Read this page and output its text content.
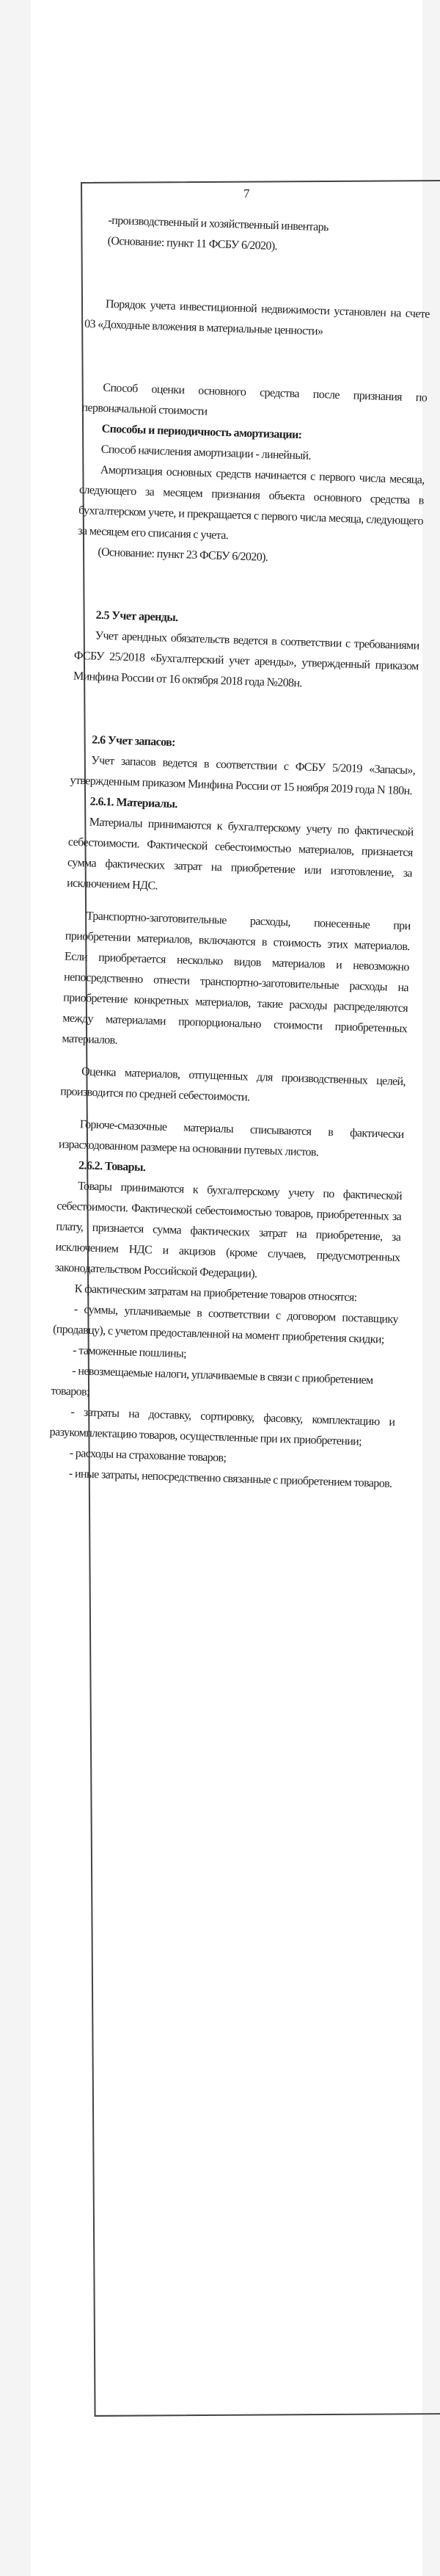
7

-производственный и хозяйственный инвентарь

(Основание: пункт 11 ФСБУ 6/2020).

Порядок учета инвестиционной недвижимости установлен на счете 03 «Доходные вложения в материальные ценности»

Способ оценки основного средства после признания по первоначальной стоимости

Способы и периодичность амортизации:

Способ начисления амортизации - линейный.

Амортизация основных средств начинается с первого числа месяца, следующего за месяцем признания объекта основного средства в бухгалтерском учете, и прекращается с первого числа месяца, следующего за месяцем его списания с учета.

(Основание: пункт 23 ФСБУ 6/2020).

2.5 Учет аренды.

Учет арендных обязательств ведется в соответствии с требованиями ФСБУ 25/2018 «Бухгалтерский учет аренды», утвержденный приказом Минфина России от 16 октября 2018 года №208н.

2.6 Учет запасов:

Учет запасов ведется в соответствии с ФСБУ 5/2019 «Запасы», утвержденным приказом Минфина России от 15 ноября 2019 года N 180н.

2.6.1. Материалы.

Материалы принимаются к бухгалтерскому учету по фактической себестоимости. Фактической себестоимостью материалов, признается сумма фактических затрат на приобретение или изготовление, за исключением НДС.

Транспортно-заготовительные расходы, понесенные при приобретении материалов, включаются в стоимость этих материалов. Если приобретается несколько видов материалов и невозможно непосредственно отнести транспортно-заготовительные расходы на приобретение конкретных материалов, такие расходы распределяются между материалами пропорционально стоимости приобретенных материалов.

Оценка материалов, отпущенных для производственных целей, производится по средней себестоимости.

Горюче-смазочные материалы списываются в фактически израсходованном размере на основании путевых листов.

2.6.2. Товары.

Товары принимаются к бухгалтерскому учету по фактической себестоимости. Фактической себестоимостью товаров, приобретенных за плату, признается сумма фактических затрат на приобретение, за исключением НДС и акцизов (кроме случаев, предусмотренных законодательством Российской Федерации).

К фактическим затратам на приобретение товаров относятся:

- суммы, уплачиваемые в соответствии с договором поставщику (продавцу), с учетом предоставленной на момент приобретения скидки;

- таможенные пошлины;

- невозмещаемые налоги, уплачиваемые в связи с приобретением товаров;

- затраты на доставку, сортировку, фасовку, комплектацию и разукомплектацию товаров, осуществленные при их приобретении;

- расходы на страхование товаров;

- иные затраты, непосредственно связанные с приобретением товаров.
